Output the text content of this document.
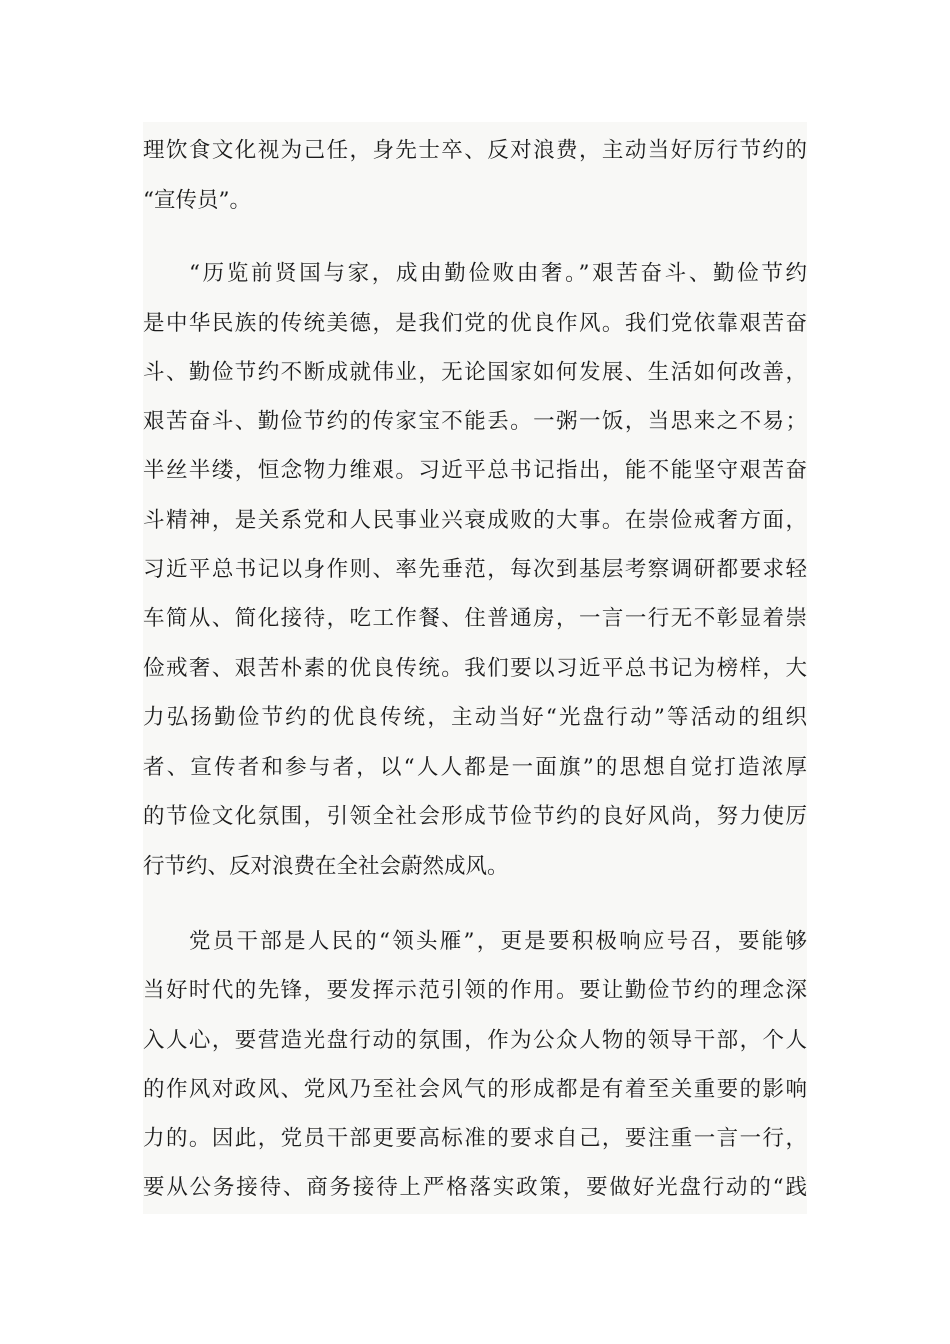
理饮食文化视为己任，身先士卒、反对浪费，主动当好厉行节约的
“宣传员”。
“历览前贤国与家，成由勤俭败由奢。”艰苦奋斗、勤俭节约
是中华民族的传统美德，是我们党的优良作风。我们党依靠艰苦奋
斗、勤俭节约不断成就伟业，无论国家如何发展、生活如何改善，
艰苦奋斗、勤俭节约的传家宝不能丢。一粥一饭，当思来之不易；
半丝半缕，恒念物力维艰。习近平总书记指出，能不能坚守艰苦奋
斗精神，是关系党和人民事业兴衰成败的大事。在崇俭戒奢方面，
习近平总书记以身作则、率先垂范，每次到基层考察调研都要求轻
车简从、简化接待，吃工作餐、住普通房，一言一行无不彰显着崇
俭戒奢、艰苦朴素的优良传统。我们要以习近平总书记为榜样，大
力弘扬勤俭节约的优良传统，主动当好“光盘行动”等活动的组织
者、宣传者和参与者，以“人人都是一面旗”的思想自觉打造浓厚
的节俭文化氛围，引领全社会形成节俭节约的良好风尚，努力使厉
行节约、反对浪费在全社会蔚然成风。
党员干部是人民的“领头雁”，更是要积极响应号召，要能够
当好时代的先锋，要发挥示范引领的作用。要让勤俭节约的理念深
入人心，要营造光盘行动的氛围，作为公众人物的领导干部，个人
的作风对政风、党风乃至社会风气的形成都是有着至关重要的影响
力的。因此，党员干部更要高标准的要求自己，要注重一言一行，
要从公务接待、商务接待上严格落实政策，要做好光盘行动的“践
